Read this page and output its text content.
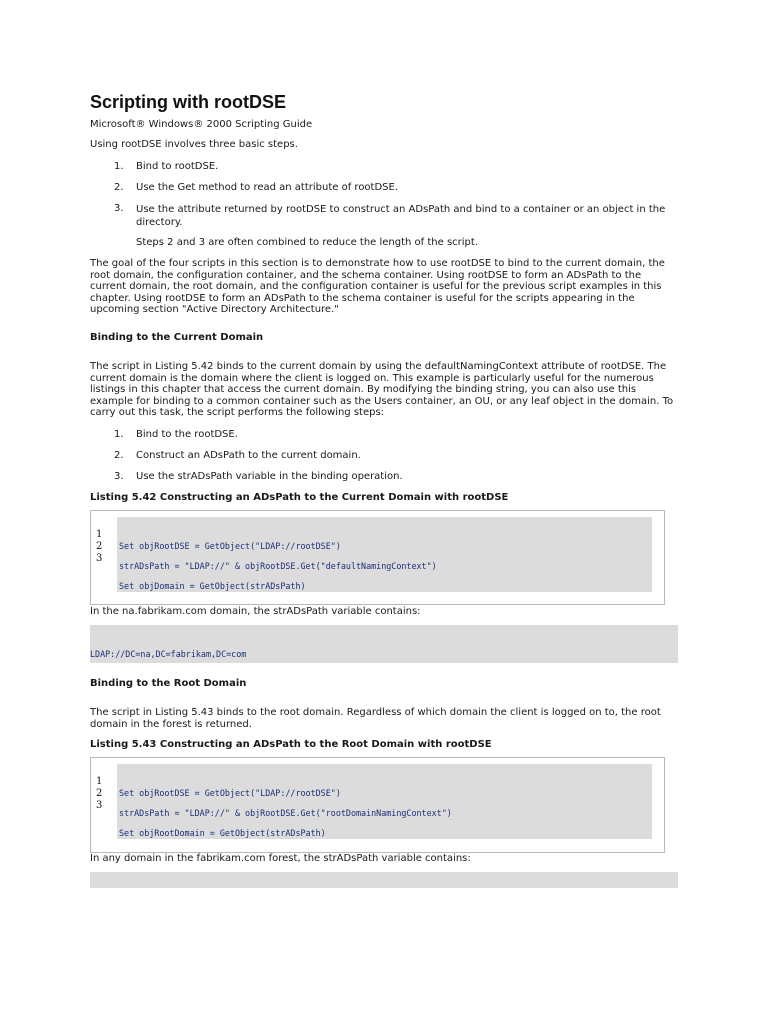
Scripting with rootDSE
Microsoft® Windows® 2000 Scripting Guide
Using rootDSE involves three basic steps.
1. Bind to rootDSE.
2. Use the Get method to read an attribute of rootDSE.
3. Use the attribute returned by rootDSE to construct an ADsPath and bind to a container or an object in the directory.
Steps 2 and 3 are often combined to reduce the length of the script.
The goal of the four scripts in this section is to demonstrate how to use rootDSE to bind to the current domain, the root domain, the configuration container, and the schema container. Using rootDSE to form an ADsPath to the current domain, the root domain, and the configuration container is useful for the previous script examples in this chapter. Using rootDSE to form an ADsPath to the schema container is useful for the scripts appearing in the upcoming section "Active Directory Architecture."
Binding to the Current Domain
The script in Listing 5.42 binds to the current domain by using the defaultNamingContext attribute of rootDSE. The current domain is the domain where the client is logged on. This example is particularly useful for the numerous listings in this chapter that access the current domain. By modifying the binding string, you can also use this example for binding to a common container such as the Users container, an OU, or any leaf object in the domain. To carry out this task, the script performs the following steps:
1. Bind to the rootDSE.
2. Construct an ADsPath to the current domain.
3. Use the strADsPath variable in the binding operation.
Listing 5.42 Constructing an ADsPath to the Current Domain with rootDSE
1
2
3
Set objRootDSE = GetObject("LDAP://rootDSE")
strADsPath = "LDAP://" & objRootDSE.Get("defaultNamingContext")
Set objDomain = GetObject(strADsPath)
In the na.fabrikam.com domain, the strADsPath variable contains:
LDAP://DC=na,DC=fabrikam,DC=com
Binding to the Root Domain
The script in Listing 5.43 binds to the root domain. Regardless of which domain the client is logged on to, the root domain in the forest is returned.
Listing 5.43 Constructing an ADsPath to the Root Domain with rootDSE
1
2
3
Set objRootDSE = GetObject("LDAP://rootDSE")
strADsPath = "LDAP://" & objRootDSE.Get("rootDomainNamingContext")
Set objRootDomain = GetObject(strADsPath)
In any domain in the fabrikam.com forest, the strADsPath variable contains:
